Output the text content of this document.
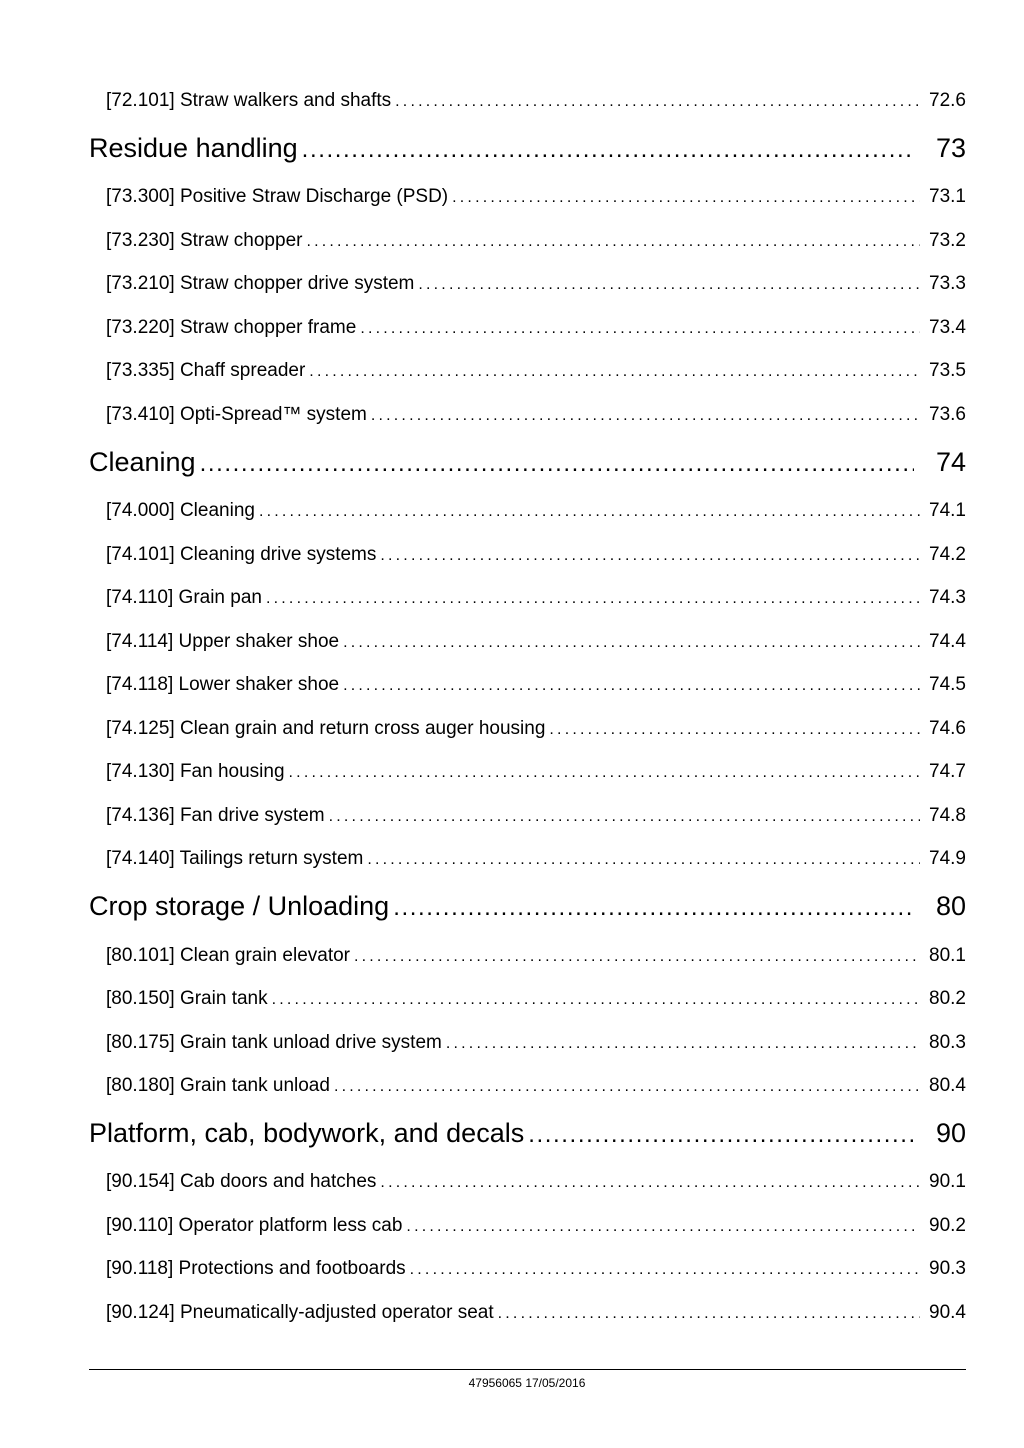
[72.101] Straw walkers and shafts .....	72.6
Residue handling .....	73
[73.300] Positive Straw Discharge (PSD) .....	73.1
[73.230] Straw chopper .....	73.2
[73.210] Straw chopper drive system .....	73.3
[73.220] Straw chopper frame .....	73.4
[73.335] Chaff spreader .....	73.5
[73.410] Opti-Spread™ system .....	73.6
Cleaning .....	74
[74.000] Cleaning .....	74.1
[74.101] Cleaning drive systems .....	74.2
[74.110] Grain pan .....	74.3
[74.114] Upper shaker shoe .....	74.4
[74.118] Lower shaker shoe .....	74.5
[74.125] Clean grain and return cross auger housing .....	74.6
[74.130] Fan housing .....	74.7
[74.136] Fan drive system .....	74.8
[74.140] Tailings return system .....	74.9
Crop storage / Unloading .....	80
[80.101] Clean grain elevator .....	80.1
[80.150] Grain tank .....	80.2
[80.175] Grain tank unload drive system .....	80.3
[80.180] Grain tank unload .....	80.4
Platform, cab, bodywork, and decals .....	90
[90.154] Cab doors and hatches .....	90.1
[90.110] Operator platform less cab .....	90.2
[90.118] Protections and footboards .....	90.3
[90.124] Pneumatically-adjusted operator seat .....	90.4
47956065 17/05/2016
